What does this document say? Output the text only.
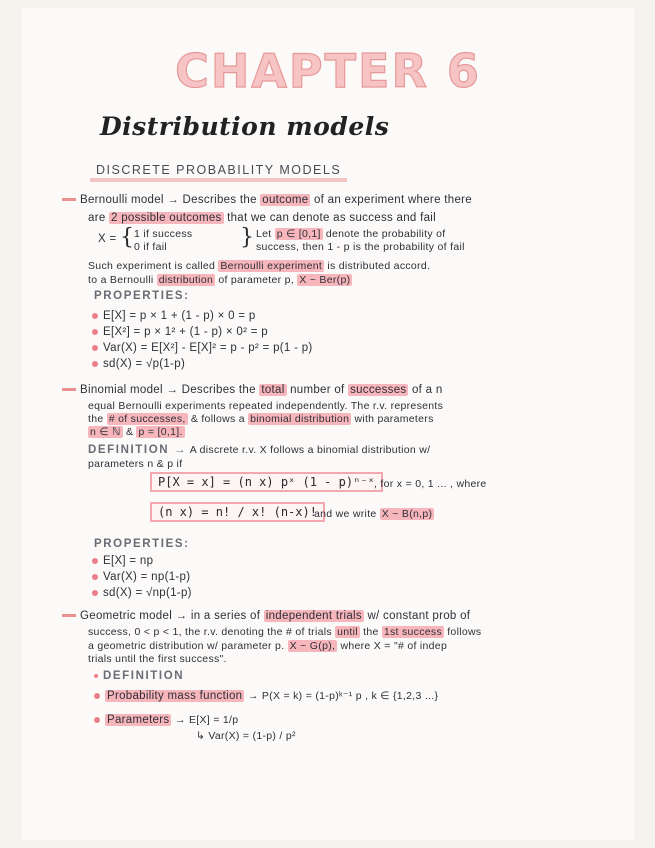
CHAPTER 6
Distribution models
DISCRETE PROBABILITY MODELS
Bernoulli model → Describes the outcome of an experiment where there
are 2 possible outcomes that we can denote as success and fail
X = { 1 if success
0 if fail	} Let p ∈ [0,1] denote the probability of
success, then 1 - p is the probability of fail
Such experiment is called Bernoulli experiment is distributed accord.
to a Bernoulli distribution of parameter p, X ~ Ber(p)
PROPERTIES:
E[X] = p × 1 + (1 - p) × 0 = p
E[X²] = p × 1² + (1 - p) × 0² = p
Var(X) = E[X²] - E[X]² = p - p² = p(1 - p)
sd(X) = √p(1-p)
Binomial model → Describes the total number of successes of a n
equal Bernoulli experiments repeated independently. The r.v. represents
the # of successes, & follows a binomial distribution with parameters
n ∈ ℕ & p = [0,1].
DEFINITION → A discrete r.v. X follows a binomial distribution w/
parameters n & p if
P[X = x] = (n x) pˣ (1 - p)ⁿ⁻ˣ , for x = 0, 1 ... , where
(n x) = n! / x! (n-x)!
and we write X ~ B(n,p)
PROPERTIES:
E[X] = np
Var(X) = np(1-p)
sd(X) = √np(1-p)
Geometric model → in a series of independent trials w/ constant prob of
success, 0 < p < 1, the r.v. denoting the # of trials until the 1st success follows
a geometric distribution w/ parameter p. X ~ G(p), where X = "# of indep
trials until the first success".
DEFINITION
Probability mass function → P(X = k) = (1-p)ᵏ⁻¹ p , k ∈ {1,2,3 ...}
Parameters → E[X] = 1/p
↳ Var(X) = (1-p) / p²
